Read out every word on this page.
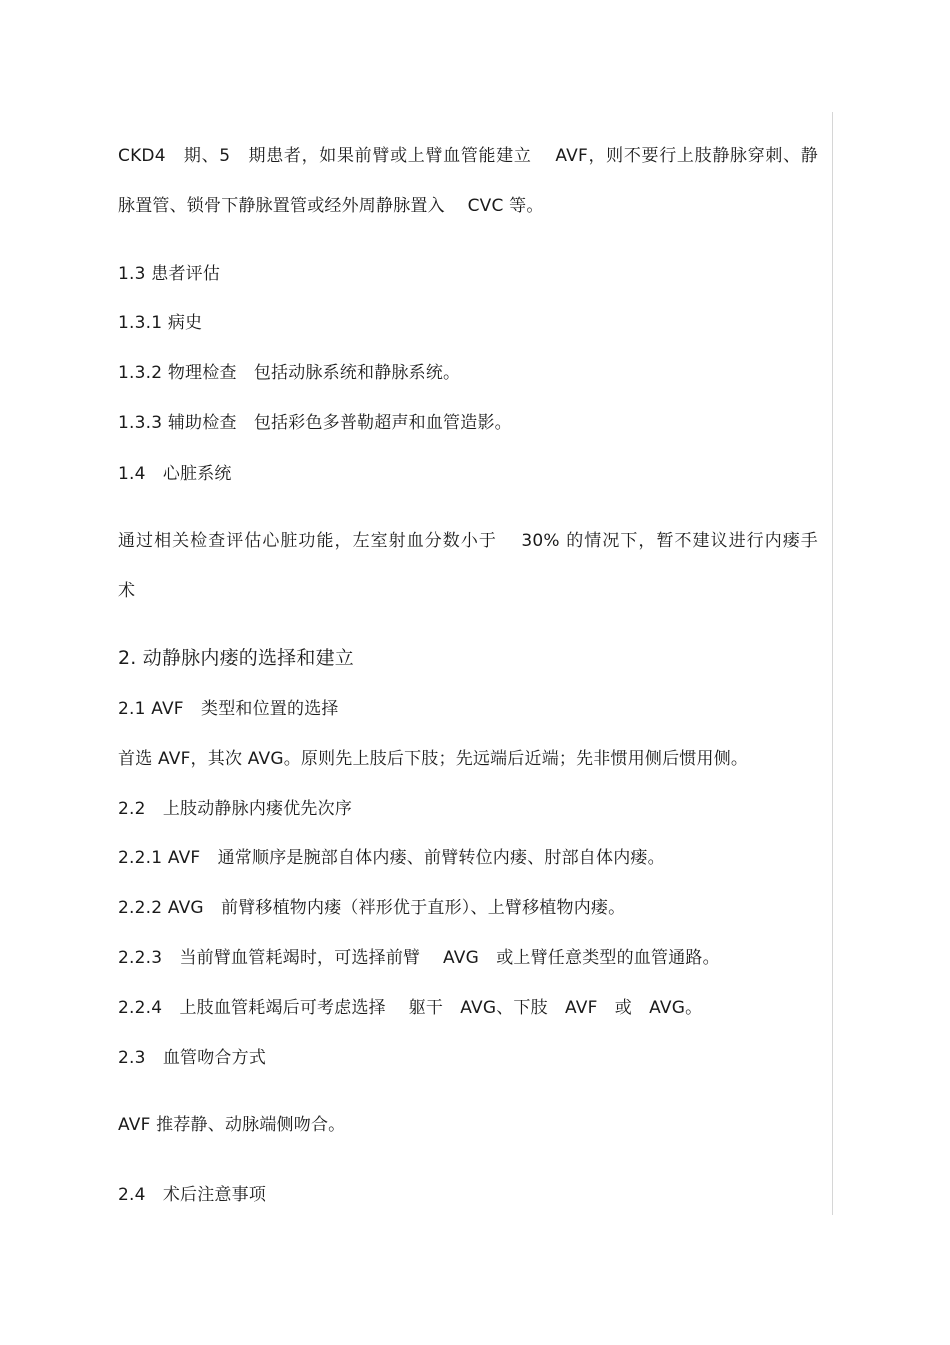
CKD4　期、5　期患者，如果前臂或上臂血管能建立　 AVF，则不要行上肢静脉穿刺、静
脉置管、锁骨下静脉置管或经外周静脉置入　 CVC 等。
1.3 患者评估
1.3.1 病史
1.3.2 物理检查　包括动脉系统和静脉系统。
1.3.3 辅助检查　包括彩色多普勒超声和血管造影。
1.4　心脏系统
通过相关检查评估心脏功能，左室射血分数小于　 30% 的情况下，暂不建议进行内瘘手
术
2. 动静脉内瘘的选择和建立
2.1 AVF　类型和位置的选择
首选 AVF，其次 AVG。原则先上肢后下肢；先远端后近端；先非惯用侧后惯用侧。
2.2　上肢动静脉内瘘优先次序
2.2.1 AVF　通常顺序是腕部自体内瘘、前臂转位内瘘、肘部自体内瘘。
2.2.2 AVG　前臂移植物内瘘（袢形优于直形）、上臂移植物内瘘。
2.2.3　当前臂血管耗竭时，可选择前臂　 AVG　或上臂任意类型的血管通路。
2.2.4　上肢血管耗竭后可考虑选择　 躯干　AVG、下肢　AVF　或　AVG。
2.3　血管吻合方式
AVF 推荐静、动脉端侧吻合。
2.4　术后注意事项
